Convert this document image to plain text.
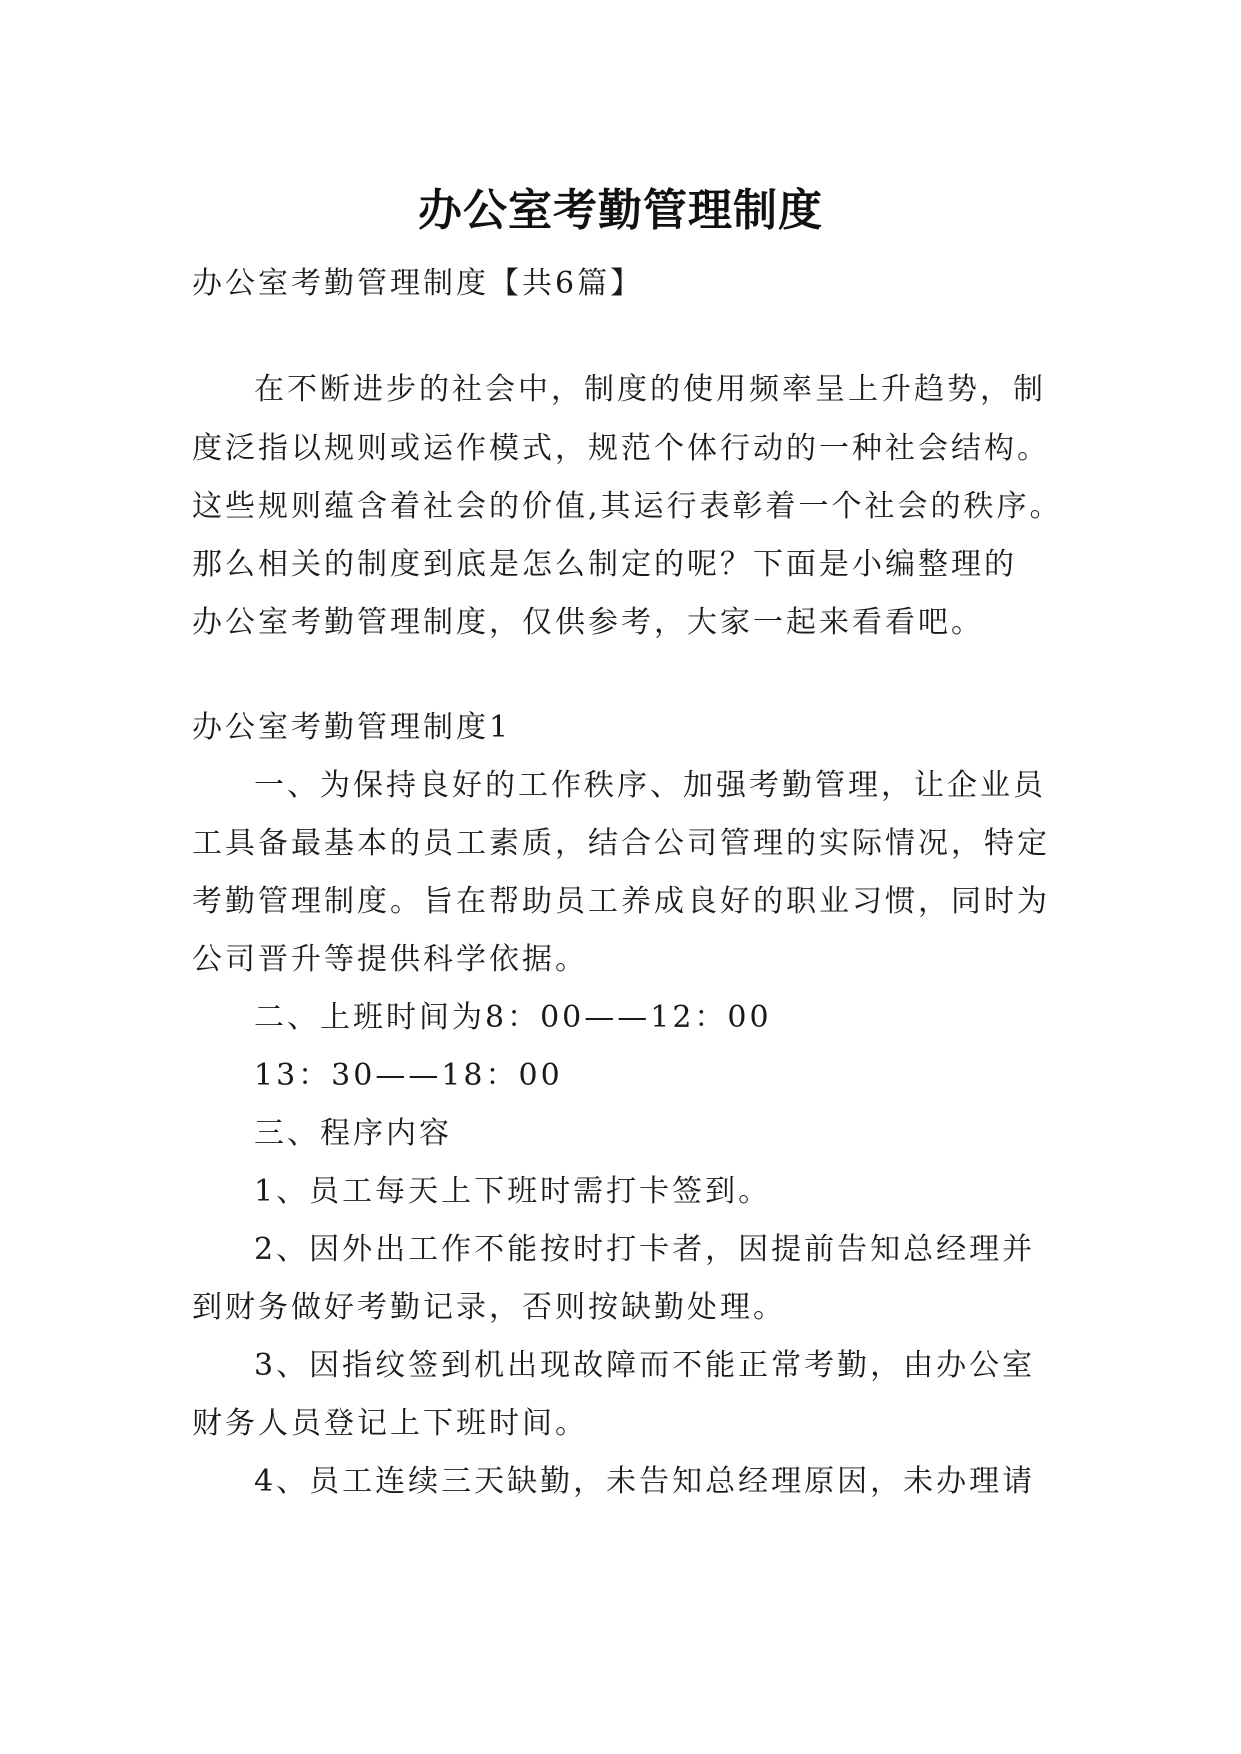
办公室考勤管理制度
办公室考勤管理制度【共6篇】
在不断进步的社会中，制度的使用频率呈上升趋势，制
度泛指以规则或运作模式，规范个体行动的一种社会结构。
这些规则蕴含着社会的价值,其运行表彰着一个社会的秩序。
那么相关的制度到底是怎么制定的呢？下面是小编整理的
办公室考勤管理制度，仅供参考，大家一起来看看吧。
办公室考勤管理制度1
一、为保持良好的工作秩序、加强考勤管理，让企业员
工具备最基本的员工素质，结合公司管理的实际情况，特定
考勤管理制度。旨在帮助员工养成良好的职业习惯，同时为
公司晋升等提供科学依据。
二、上班时间为8：00——12：00
13：30——18：00
三、程序内容
1、员工每天上下班时需打卡签到。
2、因外出工作不能按时打卡者，因提前告知总经理并
到财务做好考勤记录，否则按缺勤处理。
3、因指纹签到机出现故障而不能正常考勤，由办公室
财务人员登记上下班时间。
4、员工连续三天缺勤，未告知总经理原因，未办理请
